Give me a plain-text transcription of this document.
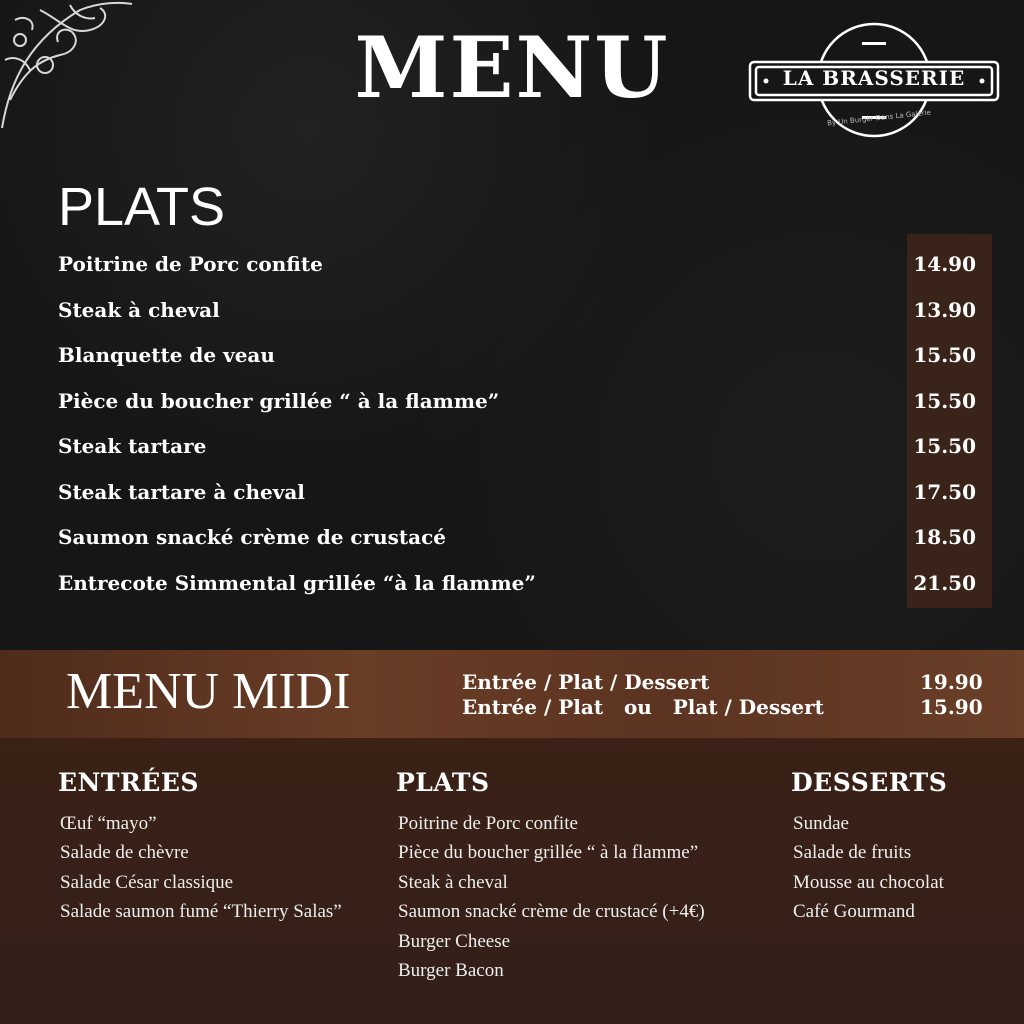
MENU	LA BRASSERIE
By Un Burger Dans La Galerie
PLATS
Poitrine de Porc confite	14.90
Steak à cheval	13.90
Blanquette de veau	15.50
Pièce du boucher grillée “ à la flamme”	15.50
Steak tartare	15.50
Steak tartare à cheval	17.50
Saumon snacké crème de crustacé	18.50
Entrecote Simmental grillée “à la flamme”	21.50
MENU MIDI	Entrée / Plat / Dessert	19.90
Entrée / Plat   ou   Plat / Dessert	15.90
ENTRÉES
Œuf “mayo”
Salade de chèvre
Salade César classique
Salade saumon fumé “Thierry Salas”
PLATS
Poitrine de Porc confite
Pièce du boucher grillée “ à la flamme”
Steak à cheval
Saumon snacké crème de crustacé (+4€)
Burger Cheese
Burger Bacon
DESSERTS
Sundae
Salade de fruits
Mousse au chocolat
Café Gourmand
